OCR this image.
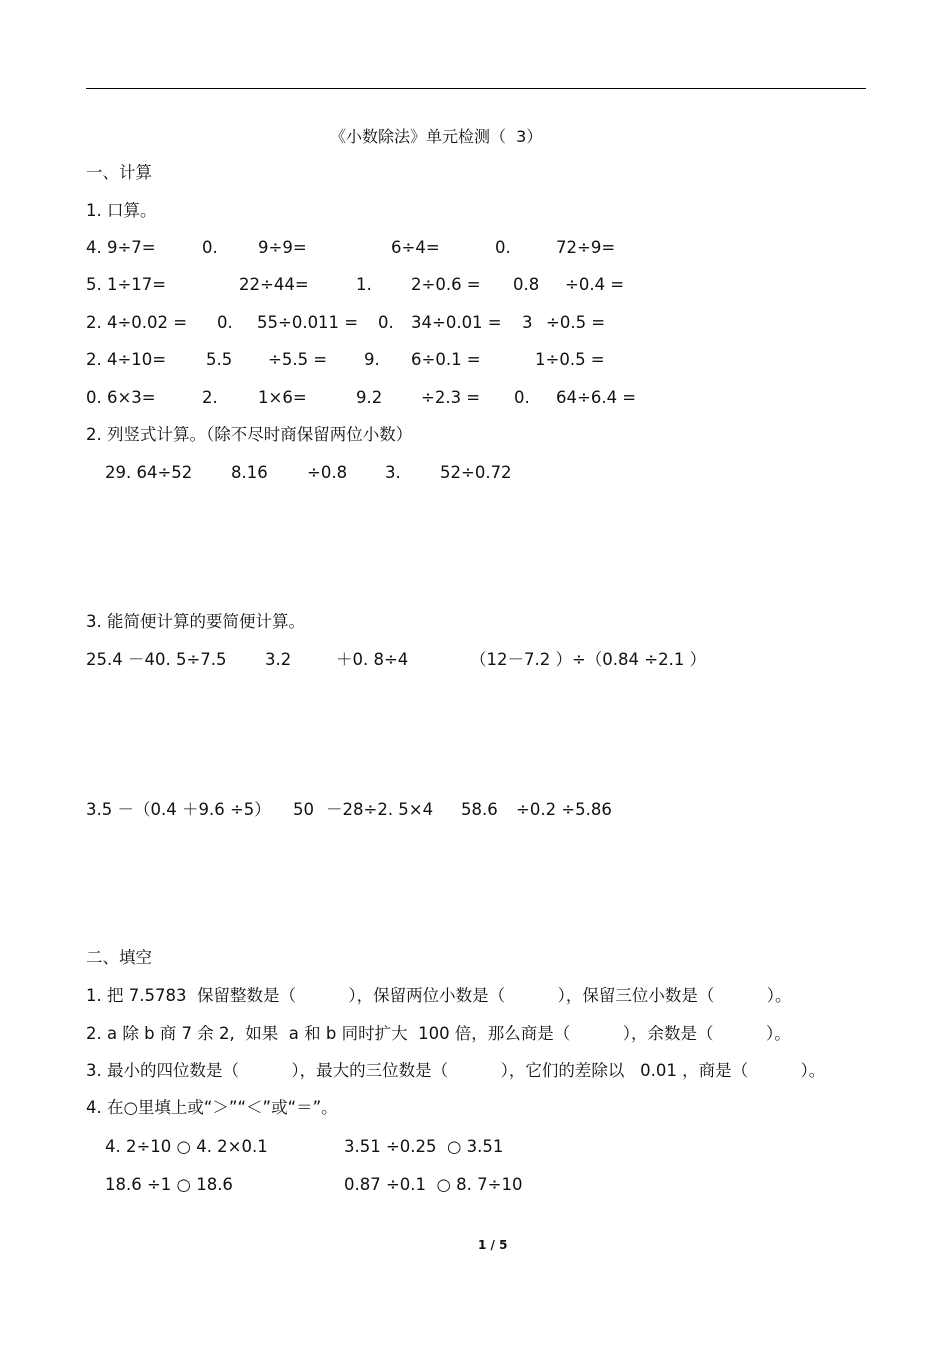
《小数除法》单元检测（  3）
一、计算
1. 口算。
4. 9÷7=	0. 9÷9=	6÷4=	0.	72÷9=
5. 1÷17=	22÷44=	1. 2÷0.6 = 0.8 ÷0.4 =
2. 4÷0.02 = 0. 55÷0.011 = 0. 34÷0.01 = 3 ÷0.5 =
2. 4÷10= 5.5 ÷5.5 = 9. 6÷0.1 =	1÷0.5 =
0. 6×3=	2. 1×6=	9.2 ÷2.3 = 0. 64÷6.4 =
2. 列竖式计算。（除不尽时商保留两位小数）
29. 64÷52 8.16 ÷0.8 3. 52÷0.72
3. 能简便计算的要简便计算。
25.4 －40. 5÷7.5 3.2	＋0. 8÷4	（12－7.2 ）÷（0.84 ÷2.1 ）
3.5 －（0.4 ＋9.6 ÷5） 50 －28÷2. 5×4 58.6 ÷0.2 ÷5.86
二、填空
1. 把 7.5783  保留整数是（          ），保留两位小数是（          ），保留三位小数是（          ）。
2. a 除 b 商 7 余 2,  如果  a 和 b 同时扩大  100 倍，那么商是（          ），余数是（          ）。
3. 最小的四位数是（          ），最大的三位数是（          ），它们的差除以   0.01 ，商是（          ）。
4. 在○里填上或“＞”“＜”或“＝”。
4. 2÷10 ○ 4. 2×0.1	3.51 ÷0.25  ○ 3.51
18.6 ÷1 ○ 18.6	0.87 ÷0.1  ○ 8. 7÷10
1 / 5
